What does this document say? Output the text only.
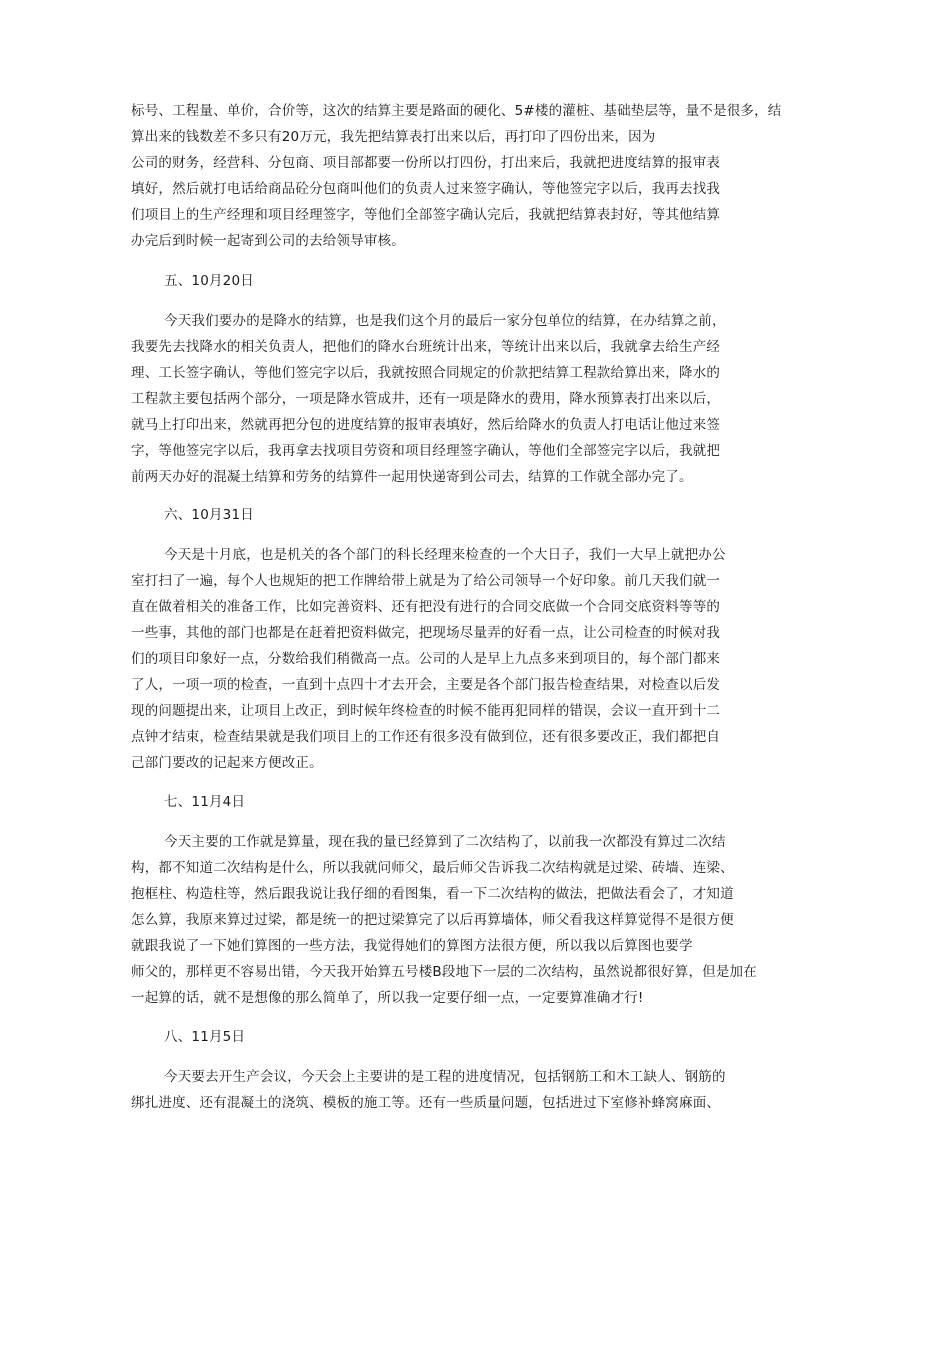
标号、工程量、单价，合价等，这次的结算主要是路面的硬化、5#楼的灌桩、基础垫层等，量不是很多，结
算出来的钱数差不多只有20万元，我先把结算表打出来以后，再打印了四份出来，因为
公司的财务，经营科、分包商、项目部都要一份所以打四份，打出来后，我就把进度结算的报审表
填好，然后就打电话给商品砼分包商叫他们的负责人过来签字确认，等他签完字以后，我再去找我
们项目上的生产经理和项目经理签字，等他们全部签字确认完后，我就把结算表封好，等其他结算
办完后到时候一起寄到公司的去给领导审核。
五、10月20日
今天我们要办的是降水的结算，也是我们这个月的最后一家分包单位的结算，在办结算之前，
我要先去找降水的相关负责人，把他们的降水台班统计出来，等统计出来以后，我就拿去给生产经
理、工长签字确认，等他们签完字以后，我就按照合同规定的价款把结算工程款给算出来，降水的
工程款主要包括两个部分，一项是降水管成井，还有一项是降水的费用，降水预算表打出来以后，
就马上打印出来，然就再把分包的进度结算的报审表填好，然后给降水的负责人打电话让他过来签
字，等他签完字以后，我再拿去找项目劳资和项目经理签字确认，等他们全部签完字以后，我就把
前两天办好的混凝土结算和劳务的结算件一起用快递寄到公司去，结算的工作就全部办完了。
六、10月31日
今天是十月底，也是机关的各个部门的科长经理来检查的一个大日子，我们一大早上就把办公
室打扫了一遍，每个人也规矩的把工作牌给带上就是为了给公司领导一个好印象。前几天我们就一
直在做着相关的准备工作，比如完善资料、还有把没有进行的合同交底做一个合同交底资料等等的
一些事，其他的部门也都是在赶着把资料做完，把现场尽量弄的好看一点，让公司检查的时候对我
们的项目印象好一点，分数给我们稍微高一点。公司的人是早上九点多来到项目的，每个部门都来
了人，一项一项的检查，一直到十点四十才去开会，主要是各个部门报告检查结果，对检查以后发
现的问题提出来，让项目上改正，到时候年终检查的时候不能再犯同样的错误，会议一直开到十二
点钟才结束，检查结果就是我们项目上的工作还有很多没有做到位，还有很多要改正，我们都把自
己部门要改的记起来方便改正。
七、11月4日
今天主要的工作就是算量，现在我的量已经算到了二次结构了，以前我一次都没有算过二次结
构，都不知道二次结构是什么，所以我就问师父，最后师父告诉我二次结构就是过梁、砖墙、连梁、
抱框柱、构造柱等，然后跟我说让我仔细的看图集，看一下二次结构的做法，把做法看会了，才知道
怎么算，我原来算过过梁，都是统一的把过梁算完了以后再算墙体，师父看我这样算觉得不是很方便
就跟我说了一下她们算图的一些方法，我觉得她们的算图方法很方便，所以我以后算图也要学
师父的，那样更不容易出错，今天我开始算五号楼B段地下一层的二次结构，虽然说都很好算，但是加在
一起算的话，就不是想像的那么简单了，所以我一定要仔细一点，一定要算准确才行!
八、11月5日
今天要去开生产会议，今天会上主要讲的是工程的进度情况，包括钢筋工和木工缺人、钢筋的
绑扎进度、还有混凝土的浇筑、模板的施工等。还有一些质量问题，包括进过下室修补蜂窝麻面、
